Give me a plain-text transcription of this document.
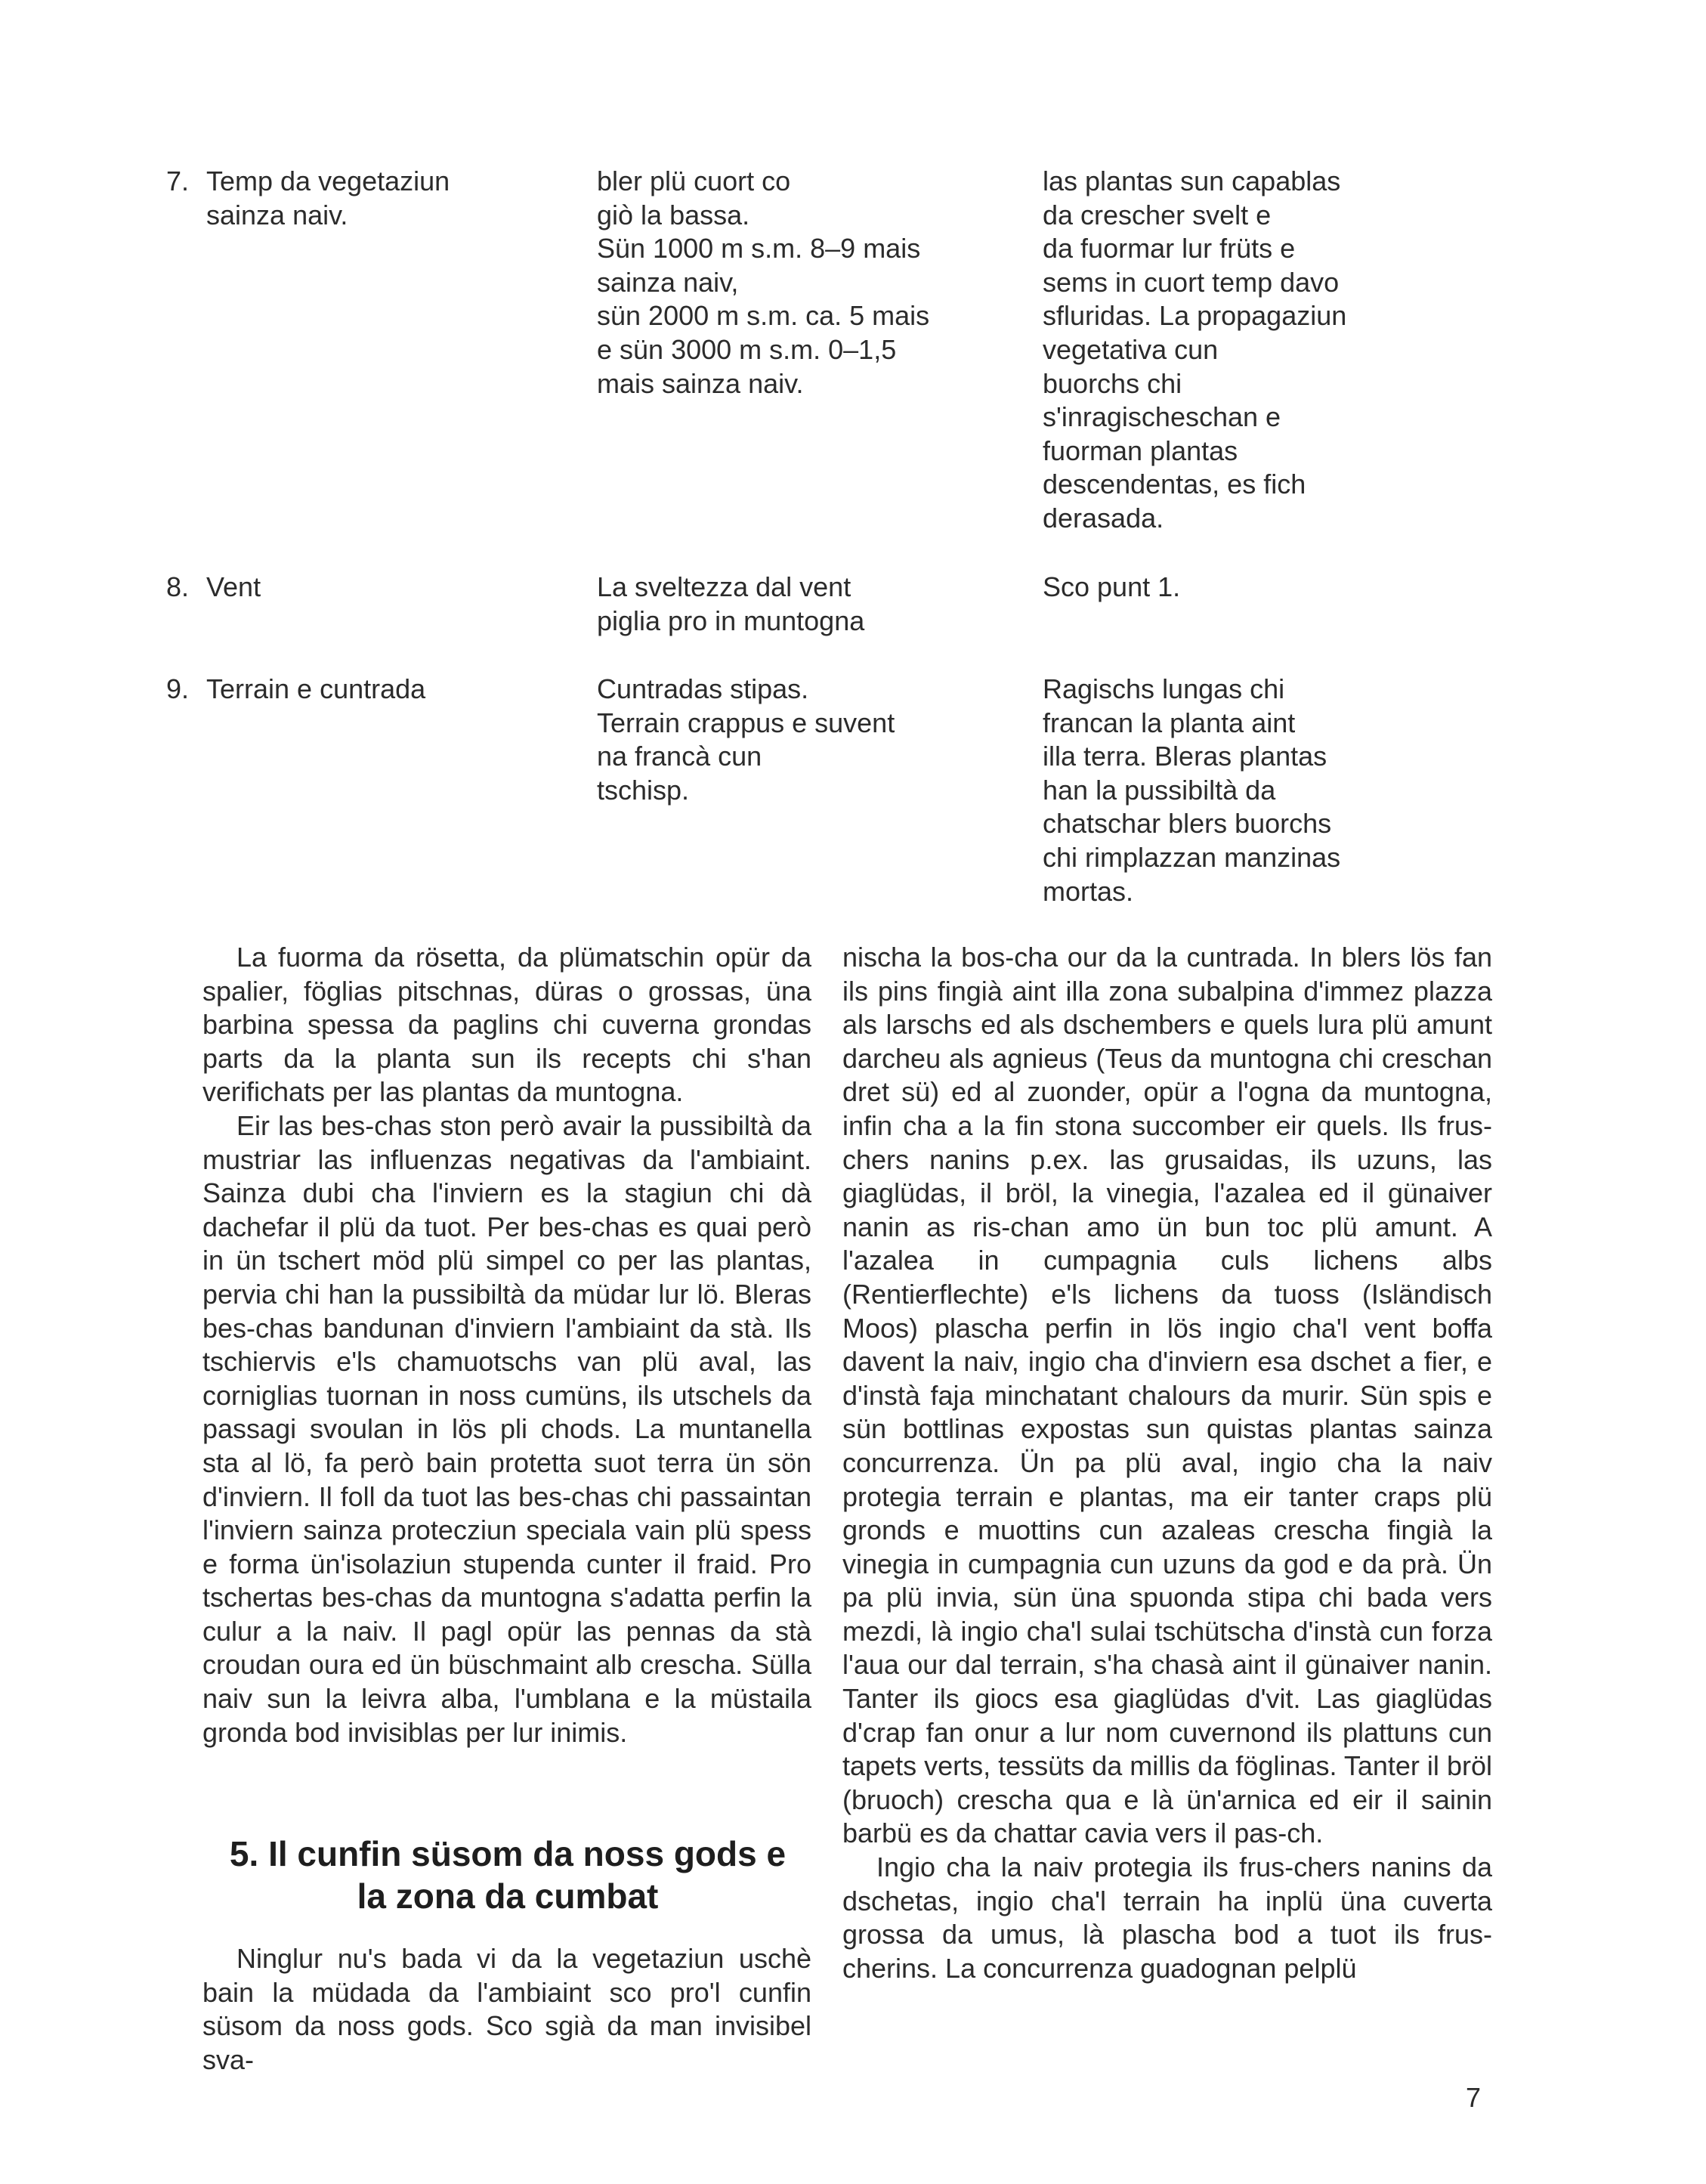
7. Temp da vegetaziun
sainza naiv.
bler plü cuort co
giò la bassa.
Sün 1000 m s.m. 8–9 mais
sainza naiv,
sün 2000 m s.m. ca. 5 mais
e sün 3000 m s.m. 0–1,5
mais sainza naiv.
las plantas sun capablas
da crescher svelt e
da fuormar lur früts e
sems in cuort temp davo
sfluridas. La propagaziun
vegetativa cun
buorchs chi
s'inragischeschan e
fuorman plantas
descendentas, es fich
derasada.
8. Vent	La sveltezza dal vent
piglia pro in muntogna
Sco punt 1.
9. Terrain e cuntrada	Cuntradas stipas.
Terrain crappus e suvent
na francà cun
tschisp.
Ragischs lungas chi
francan la planta aint
illa terra. Bleras plantas
han la pussibiltà da
chatschar blers buorchs
chi rimplazzan manzinas
mortas.

La fuorma da rösetta, da plümatschin opür da spalier, föglias pitschnas, düras o grossas, üna barbina spessa da paglins chi cuverna grondas parts da la planta sun ils recepts chi s'han verifichats per las plantas da muntogna.

Eir las bes-chas ston però avair la pussibiltà da mustriar las influenzas negativas da l'ambiaint. Sainza dubi cha l'inviern es la stagiun chi dà dachefar il plü da tuot. Per bes-chas es quai però in ün tschert möd plü simpel co per las plantas, pervia chi han la pussibiltà da müdar lur lö. Bleras bes-chas bandunan d'inviern l'ambiaint da stà. Ils tschiervis e'ls chamuotschs van plü aval, las corniglias tuornan in noss cumüns, ils utschels da passagi svoulan in lös pli chods. La muntanella sta al lö, fa però bain protetta suot terra ün sön d'inviern. Il foll da tuot las bes-chas chi passaintan l'inviern sainza protecziun speciala vain plü spess e forma ün'isolaziun stupenda cunter il fraid. Pro tschertas bes-chas da muntogna s'adatta perfin la culur a la naiv. Il pagl opür las pennas da stà croudan oura ed ün büschmaint alb crescha. Sülla naiv sun la leivra alba, l'umblana e la müstaila gronda bod invisiblas per lur inimis.

5. Il cunfin süsom da noss gods e
la zona da cumbat

Ninglur nu's bada vi da la vegetaziun uschè bain la müdada da l'ambiaint sco pro'l cunfin süsom da noss gods. Sco sgià da man invisibel sva-

nischa la bos-cha our da la cuntrada. In blers lös fan ils pins fingià aint illa zona subalpina d'immez plazza als larschs ed als dschembers e quels lura plü amunt darcheu als agnieus (Teus da muntogna chi creschan dret sü) ed al zuonder, opür a l'ogna da muntogna, infin cha a la fin stona succomber eir quels. Ils frus-chers nanins p.ex. las grusaidas, ils uzuns, las giaglüdas, il bröl, la vinegia, l'azalea ed il günaiver nanin as ris-chan amo ün bun toc plü amunt. A l'azalea in cumpagnia culs lichens albs (Rentierflechte) e'ls lichens da tuoss (Isländisch Moos) plascha perfin in lös ingio cha'l vent boffa davent la naiv, ingio cha d'inviern esa dschet a fier, e d'instà faja minchatant chalours da murir. Sün spis e sün bottlinas expostas sun quistas plantas sainza concurrenza. Ün pa plü aval, ingio cha la naiv protegia terrain e plantas, ma eir tanter craps plü gronds e muottins cun azaleas crescha fingià la vinegia in cumpagnia cun uzuns da god e da prà. Ün pa plü invia, sün üna spuonda stipa chi bada vers mezdi, là ingio cha'l sulai tschütscha d'instà cun forza l'aua our dal terrain, s'ha chasà aint il günaiver nanin. Tanter ils giocs esa giaglüdas d'vit. Las giaglüdas d'crap fan onur a lur nom cuvernond ils plattuns cun tapets verts, tessüts da millis da föglinas. Tanter il bröl (bruoch) crescha qua e là ün'arnica ed eir il sainin barbü es da chattar cavia vers il pas-ch.

Ingio cha la naiv protegia ils frus-chers nanins da dschetas, ingio cha'l terrain ha inplü üna cuverta grossa da umus, là plascha bod a tuot ils frus-cherins. La concurrenza guadognan pelplü

7
